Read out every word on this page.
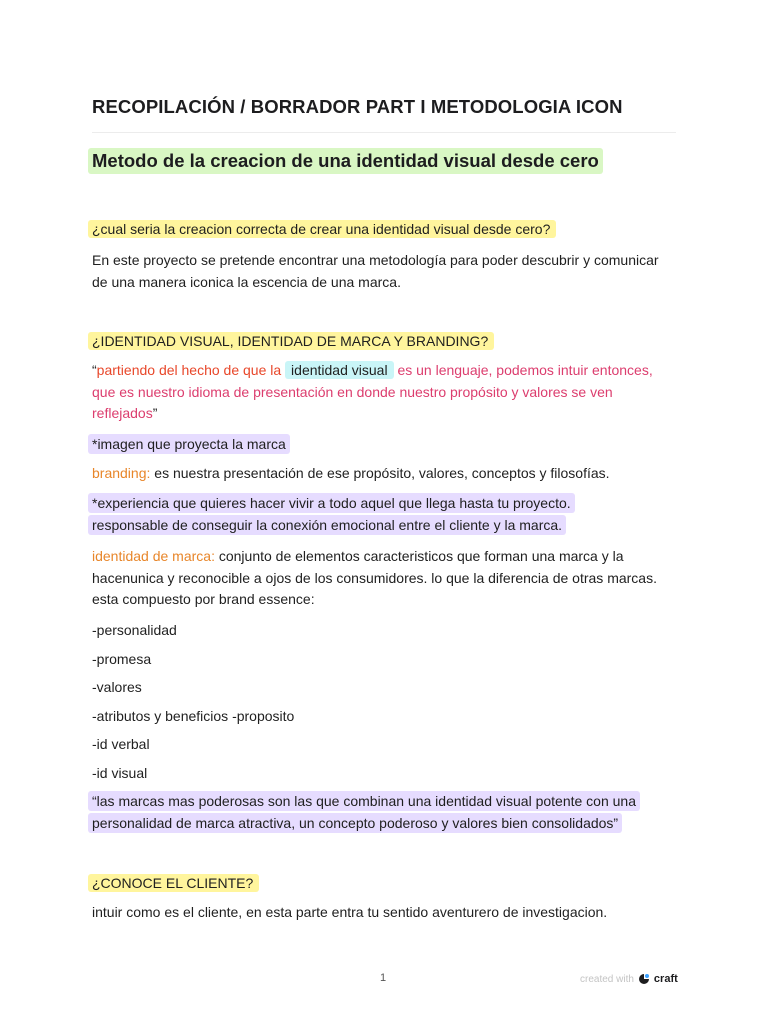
RECOPILACIÓN / BORRADOR PART I METODOLOGIA ICON
Metodo de la creacion de una identidad visual desde cero
¿cual seria la creacion correcta de crear una identidad visual desde cero?
En este proyecto se pretende encontrar una metodología para poder descubrir y comunicar de una manera iconica la escencia de una marca.
¿IDENTIDAD VISUAL, IDENTIDAD DE MARCA Y BRANDING?
“partiendo del hecho de que la identidad visual es un lenguaje, podemos intuir entonces, que es nuestro idioma de presentación en donde nuestro propósito y valores se ven reflejados”
*imagen que proyecta la marca
branding: es nuestra presentación de ese propósito, valores, conceptos y filosofías.
*experiencia que quieres hacer vivir a todo aquel que llega hasta tu proyecto.
responsable de conseguir la conexión emocional entre el cliente y la marca.
identidad de marca: conjunto de elementos caracteristicos que forman una marca y la hacenunica y reconocible a ojos de los consumidores. lo que la diferencia de otras marcas. esta compuesto por brand essence:
-personalidad
-promesa
-valores
-atributos y beneficios -proposito
-id verbal
-id visual
“las marcas mas poderosas son las que combinan una identidad visual potente con una
personalidad de marca atractiva, un concepto poderoso y valores bien consolidados”
¿CONOCE EL CLIENTE?
intuir como es el cliente, en esta parte entra tu sentido aventurero de investigacion.
1	created with craft
